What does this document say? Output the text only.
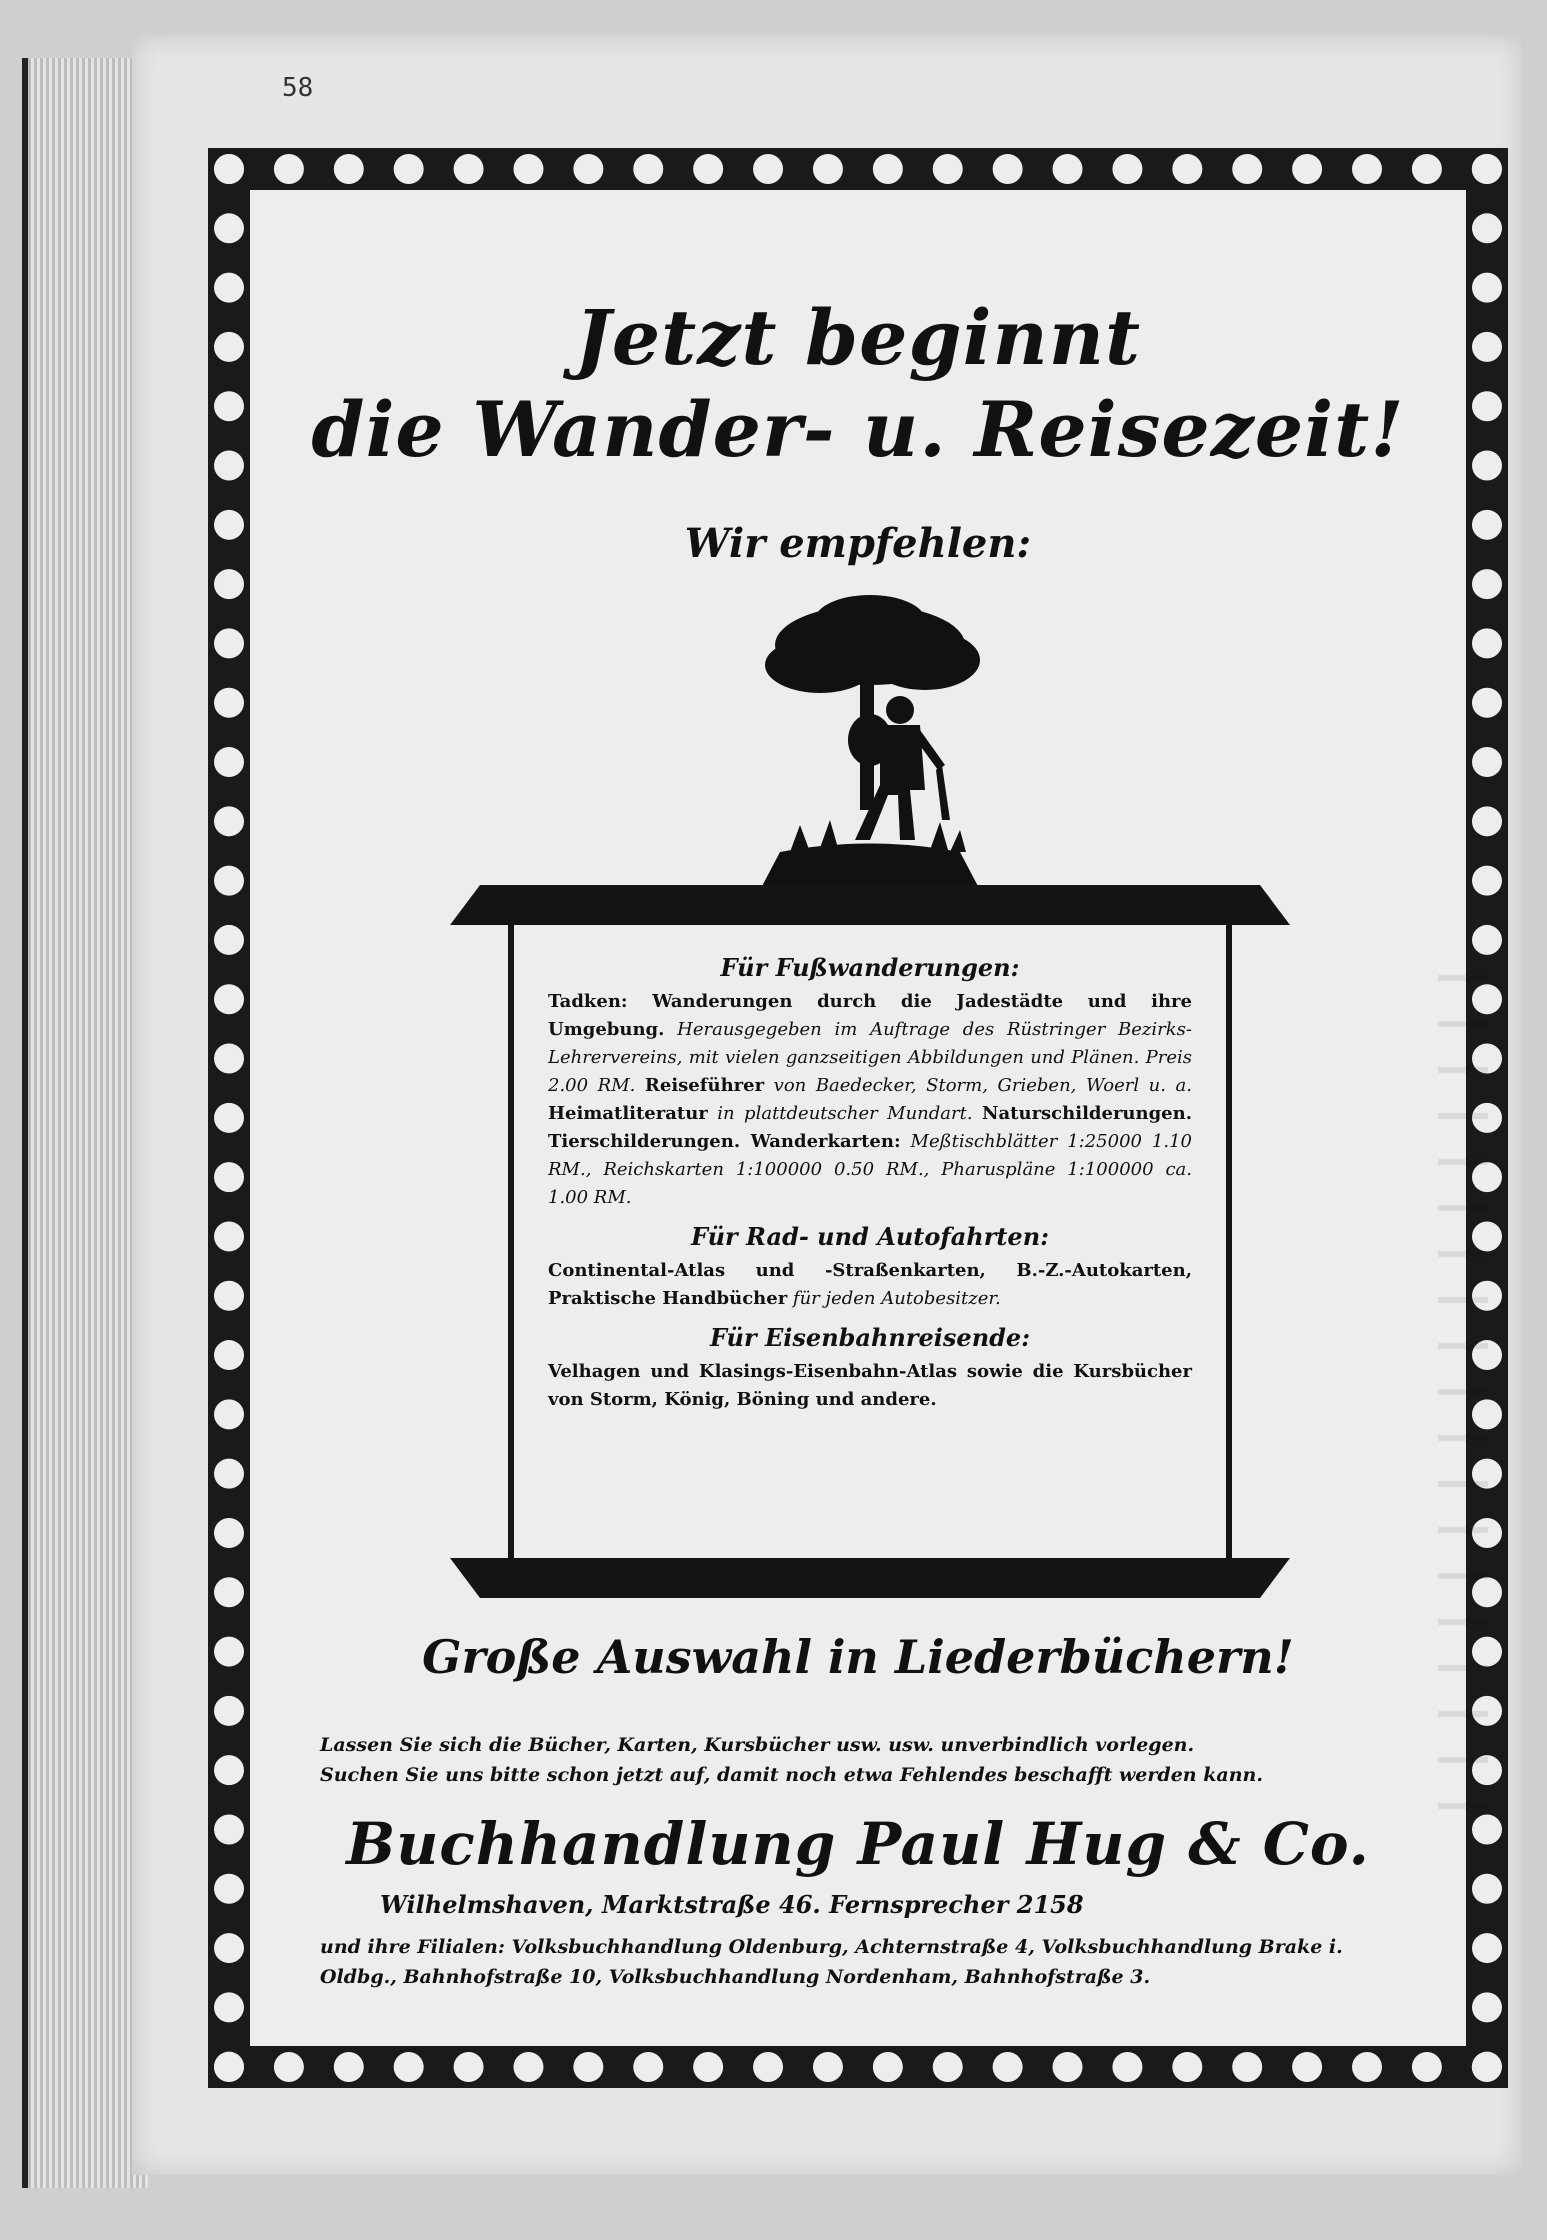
58
Jetzt beginnt
die Wander- u. Reisezeit!
Wir empfehlen:
Für Fußwanderungen:

Tadken: Wanderungen durch die Jadestädte und ihre Umgebung. Herausgegeben im Auftrage des Rüstringer Bezirks-Lehrervereins, mit vielen ganzseitigen Abbildungen und Plänen. Preis 2.00 RM. Reiseführer von Baedecker, Storm, Grieben, Woerl u. a. Heimatliteratur in plattdeutscher Mundart. Naturschilderungen. Tierschilderungen. Wanderkarten: Meßtischblätter 1:25000 1.10 RM., Reichskarten 1:100000 0.50 RM., Pharuspläne 1:100000 ca. 1.00 RM.

Für Rad- und Autofahrten:

Continental-Atlas und -Straßenkarten, B.-Z.-Autokarten, Praktische Handbücher für jeden Autobesitzer.

Für Eisenbahnreisende:

Velhagen und Klasings-Eisenbahn-Atlas sowie die Kursbücher von Storm, König, Böning und andere.

Große Auswahl in Liederbüchern!
Lassen Sie sich die Bücher, Karten, Kursbücher usw. usw. unverbindlich vorlegen.
Suchen Sie uns bitte schon jetzt auf, damit noch etwa Fehlendes beschafft werden kann.
Buchhandlung Paul Hug & Co.
Wilhelmshaven, Marktstraße 46. Fernsprecher 2158
und ihre Filialen: Volksbuchhandlung Oldenburg, Achternstraße 4, Volksbuchhandlung Brake i. Oldbg., Bahnhofstraße 10, Volksbuchhandlung Nordenham, Bahnhofstraße 3.
